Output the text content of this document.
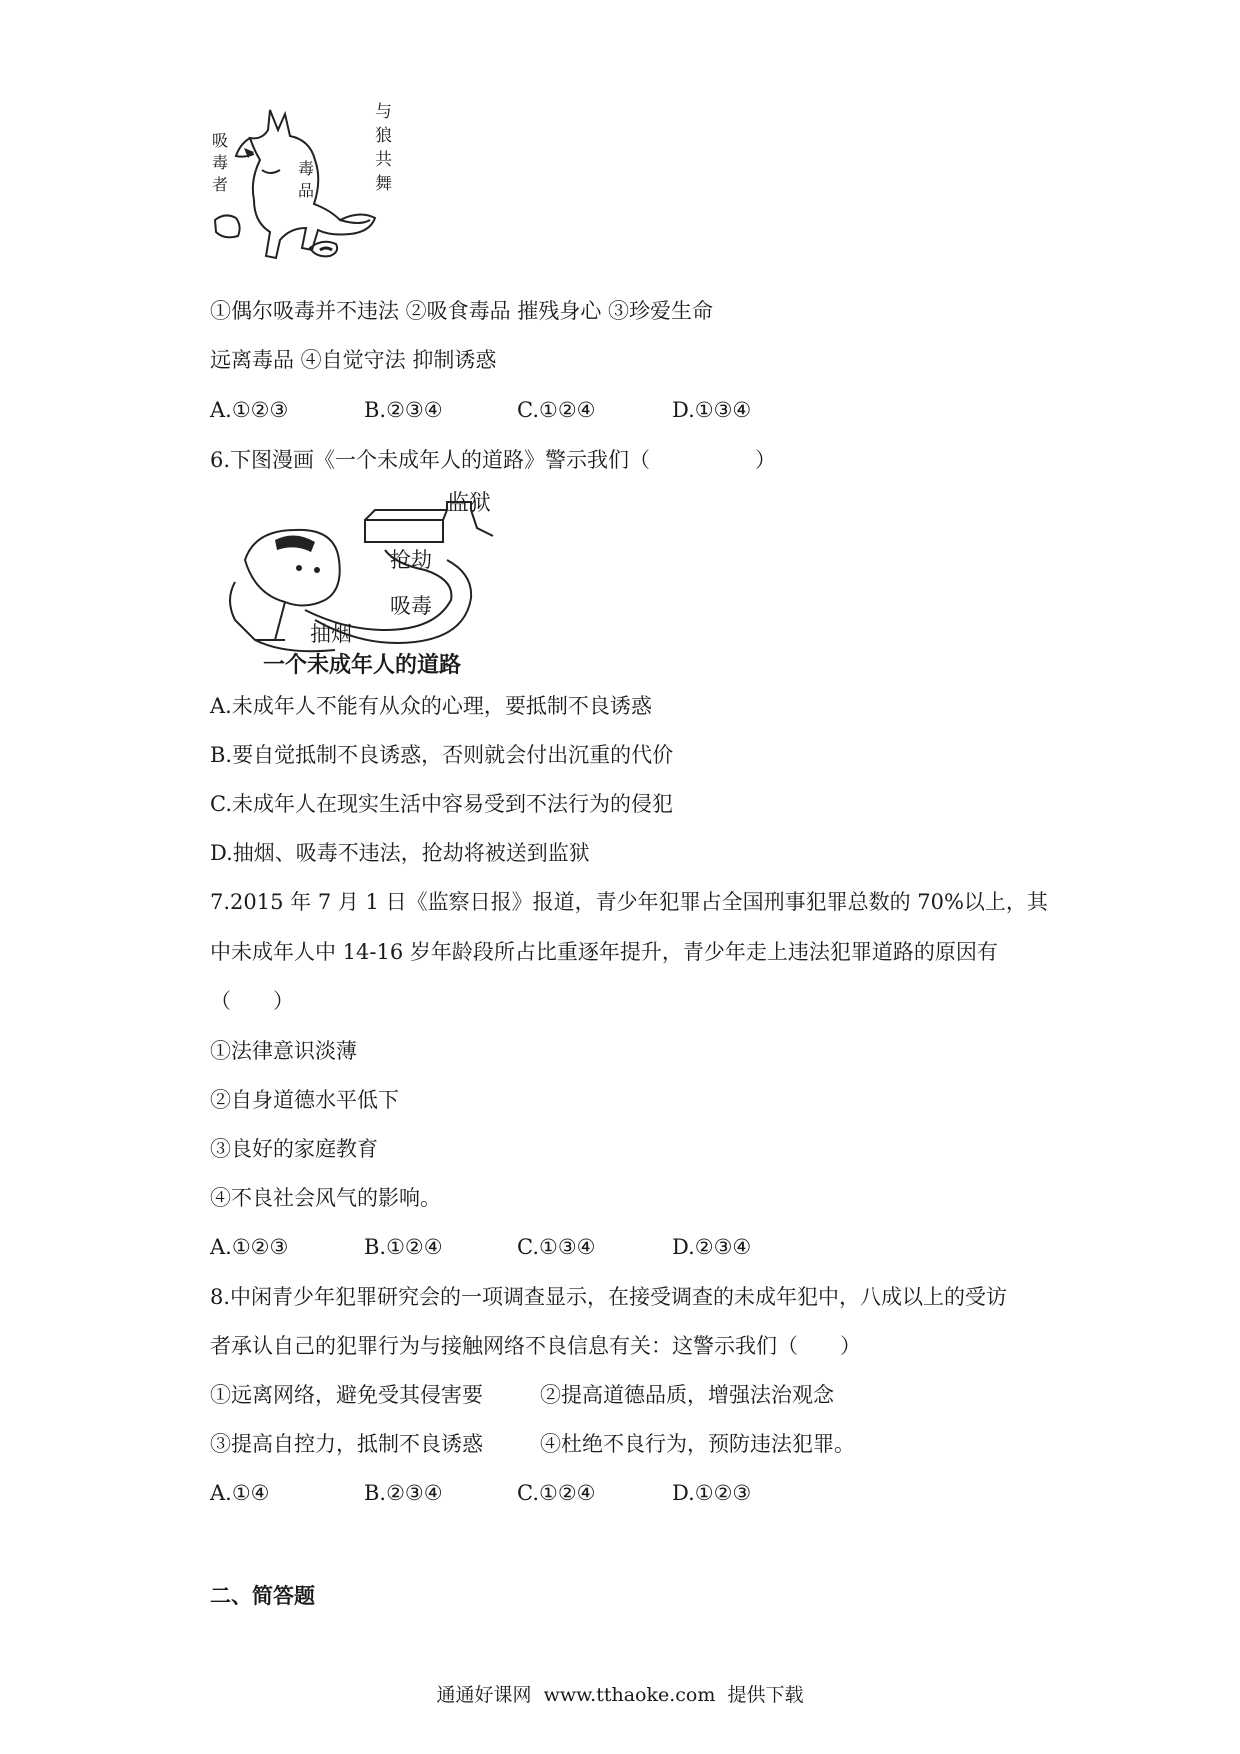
与狼共舞
吸毒者
毒品
①偶尔吸毒并不违法 ②吸食毒品 摧残身心 ③珍爱生命
远离毒品 ④自觉守法 抑制诱惑
A.①②③	B.②③④	C.①②④	D.①③④
6.下图漫画《一个未成年人的道路》警示我们（　　　　　）
监狱
抢劫
吸毒
抽烟
一个未成年人的道路
A.未成年人不能有从众的心理，要抵制不良诱惑
B.要自觉抵制不良诱惑，否则就会付出沉重的代价
C.未成年人在现实生活中容易受到不法行为的侵犯
D.抽烟、吸毒不违法，抢劫将被送到监狱
7.2015 年 7 月 1 日《监察日报》报道，青少年犯罪占全国刑事犯罪总数的 70%以上，其
中未成年人中 14-16 岁年龄段所占比重逐年提升，青少年走上违法犯罪道路的原因有
（　　）
①法律意识淡薄
②自身道德水平低下
③良好的家庭教育
④不良社会风气的影响。
A.①②③	B.①②④	C.①③④	D.②③④
8.中闲青少年犯罪研究会的一项调查显示，在接受调查的未成年犯中，八成以上的受访
者承认自己的犯罪行为与接触网络不良信息有关：这警示我们（　　）
①远离网络，避免受其侵害要	②提高道德品质，增强法治观念
③提高自控力，抵制不良诱惑	④杜绝不良行为，预防违法犯罪。
A.①④	B.②③④	C.①②④	D.①②③
二、简答题
通通好课网  www.tthaoke.com  提供下载
